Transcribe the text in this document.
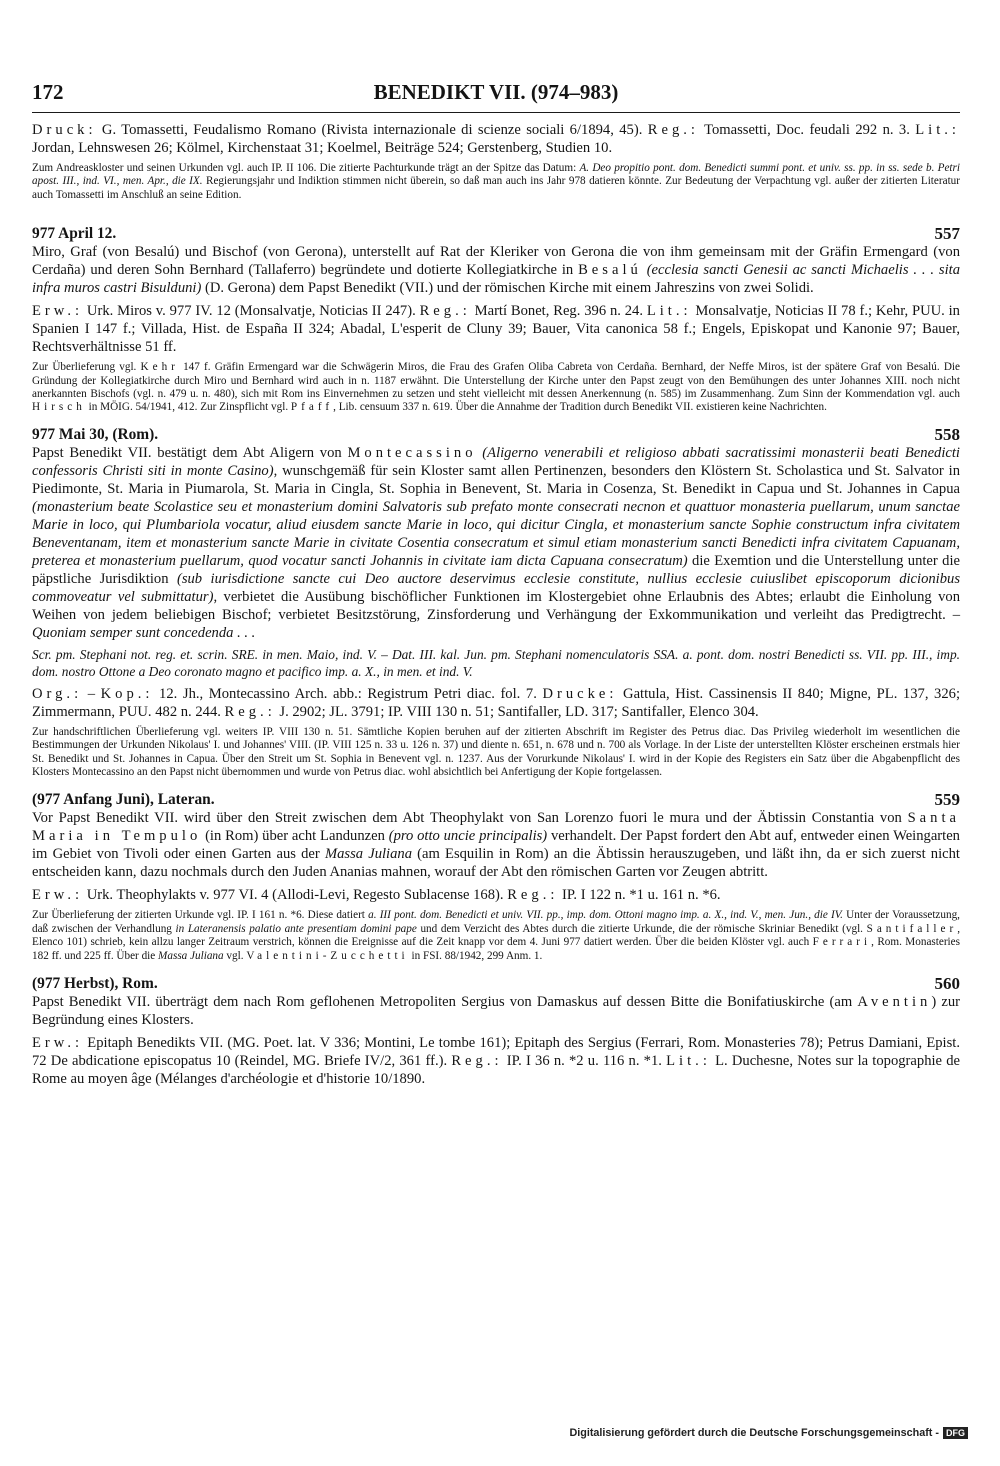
172	BENEDIKT VII. (974–983)

Druck: G. Tomassetti, Feudalismo Romano (Rivista internazionale di scienze sociali 6/1894, 45). Reg.: Tomassetti, Doc. feudali 292 n. 3. Lit.: Jordan, Lehnswesen 26; Kölmel, Kirchenstaat 31; Koelmel, Beiträge 524; Gerstenberg, Studien 10.

Zum Andreaskloster und seinen Urkunden vgl. auch IP. II 106. Die zitierte Pachturkunde trägt an der Spitze das Datum: A. Deo propitio pont. dom. Benedicti summi pont. et univ. ss. pp. in ss. sede b. Petri apost. III., ind. VI., men. Apr., die IX. Regierungsjahr und Indiktion stimmen nicht überein, so daß man auch ins Jahr 978 datieren könnte. Zur Bedeutung der Verpachtung vgl. außer der zitierten Literatur auch Tomassetti im Anschluß an seine Edition.

977 April 12.	557

Miro, Graf (von Besalú) und Bischof (von Gerona), unterstellt auf Rat der Kleriker von Gerona die von ihm gemeinsam mit der Gräfin Ermengard (von Cerdaña) und deren Sohn Bernhard (Tallaferro) begründete und dotierte Kollegiatkirche in Besalú (ecclesia sancti Genesii ac sancti Michaelis . . . sita infra muros castri Bisulduni) (D. Gerona) dem Papst Benedikt (VII.) und der römischen Kirche mit einem Jahreszins von zwei Solidi.

Erw.: Urk. Miros v. 977 IV. 12 (Monsalvatje, Noticias II 247). Reg.: Martí Bonet, Reg. 396 n. 24. Lit.: Monsalvatje, Noticias II 78 f.; Kehr, PUU. in Spanien I 147 f.; Villada, Hist. de España II 324; Abadal, L'esperit de Cluny 39; Bauer, Vita canonica 58 f.; Engels, Episkopat und Kanonie 97; Bauer, Rechtsverhältnisse 51 ff.

Zur Überlieferung vgl. Kehr 147 f. Gräfin Ermengard war die Schwägerin Miros, die Frau des Grafen Oliba Cabreta von Cerdaña. Bernhard, der Neffe Miros, ist der spätere Graf von Besalú. Die Gründung der Kollegiatkirche durch Miro und Bernhard wird auch in n. 1187 erwähnt. Die Unterstellung der Kirche unter den Papst zeugt von den Bemühungen des unter Johannes XIII. noch nicht anerkannten Bischofs (vgl. n. 479 u. n. 480), sich mit Rom ins Einvernehmen zu setzen und steht vielleicht mit dessen Anerkennung (n. 585) im Zusammenhang. Zum Sinn der Kommendation vgl. auch Hirsch in MÖIG. 54/1941, 412. Zur Zinspflicht vgl. Pfaff, Lib. censuum 337 n. 619. Über die Annahme der Tradition durch Benedikt VII. existieren keine Nachrichten.

977 Mai 30, (Rom).	558

Papst Benedikt VII. bestätigt dem Abt Aligern von Montecassino (Aligerno venerabili et religioso abbati sacratissimi monasterii beati Benedicti confessoris Christi siti in monte Casino), wunschgemäß für sein Kloster samt allen Pertinenzen, besonders den Klöstern St. Scholastica und St. Salvator in Piedimonte, St. Maria in Piumarola, St. Maria in Cingla, St. Sophia in Benevent, St. Maria in Cosenza, St. Benedikt in Capua und St. Johannes in Capua (monasterium beate Scolastice seu et monasterium domini Salvatoris sub prefato monte consecrati necnon et quattuor monasteria puellarum, unum sanctae Marie in loco, qui Plumbariola vocatur, aliud eiusdem sancte Marie in loco, qui dicitur Cingla, et monasterium sancte Sophie constructum infra civitatem Beneventanam, item et monasterium sancte Marie in civitate Cosentia consecratum et simul etiam monasterium sancti Benedicti infra civitatem Capuanam, preterea et monasterium puellarum, quod vocatur sancti Johannis in civitate iam dicta Capuana consecratum) die Exemtion und die Unterstellung unter die päpstliche Jurisdiktion (sub iurisdictione sancte cui Deo auctore deservimus ecclesie constitute, nullius ecclesie cuiuslibet episcoporum dicionibus commoveatur vel submittatur), verbietet die Ausübung bischöflicher Funktionen im Klostergebiet ohne Erlaubnis des Abtes; erlaubt die Einholung von Weihen von jedem beliebigen Bischof; verbietet Besitzstörung, Zinsforderung und Verhängung der Exkommunikation und verleiht das Predigtrecht. – Quoniam semper sunt concedenda . . .

Scr. pm. Stephani not. reg. et. scrin. SRE. in men. Maio, ind. V. – Dat. III. kal. Jun. pm. Stephani nomenculatoris SSA. a. pont. dom. nostri Benedicti ss. VII. pp. III., imp. dom. nostro Ottone a Deo coronato magno et pacifico imp. a. X., in men. et ind. V.

Org.: – Kop.: 12. Jh., Montecassino Arch. abb.: Registrum Petri diac. fol. 7. Drucke: Gattula, Hist. Cassinensis II 840; Migne, PL. 137, 326; Zimmermann, PUU. 482 n. 244. Reg.: J. 2902; JL. 3791; IP. VIII 130 n. 51; Santifaller, LD. 317; Santifaller, Elenco 304.

Zur handschriftlichen Überlieferung vgl. weiters IP. VIII 130 n. 51. Sämtliche Kopien beruhen auf der zitierten Abschrift im Register des Petrus diac. Das Privileg wiederholt im wesentlichen die Bestimmungen der Urkunden Nikolaus' I. und Johannes' VIII. (IP. VIII 125 n. 33 u. 126 n. 37) und diente n. 651, n. 678 und n. 700 als Vorlage. In der Liste der unterstellten Klöster erscheinen erstmals hier St. Benedikt und St. Johannes in Capua. Über den Streit um St. Sophia in Benevent vgl. n. 1237. Aus der Vorurkunde Nikolaus' I. wird in der Kopie des Registers ein Satz über die Abgabenpflicht des Klosters Montecassino an den Papst nicht übernommen und wurde von Petrus diac. wohl absichtlich bei Anfertigung der Kopie fortgelassen.

(977 Anfang Juni), Lateran.	559

Vor Papst Benedikt VII. wird über den Streit zwischen dem Abt Theophylakt von San Lorenzo fuori le mura und der Äbtissin Constantia von Santa Maria in Tempulo (in Rom) über acht Landunzen (pro otto uncie principalis) verhandelt. Der Papst fordert den Abt auf, entweder einen Weingarten im Gebiet von Tivoli oder einen Garten aus der Massa Juliana (am Esquilin in Rom) an die Äbtissin herauszugeben, und läßt ihn, da er sich zuerst nicht entscheiden kann, dazu nochmals durch den Juden Ananias mahnen, worauf der Abt den römischen Garten vor Zeugen abtritt.

Erw.: Urk. Theophylakts v. 977 VI. 4 (Allodi-Levi, Regesto Sublacense 168). Reg.: IP. I 122 n. *1 u. 161 n. *6.

Zur Überlieferung der zitierten Urkunde vgl. IP. I 161 n. *6. Diese datiert a. III pont. dom. Benedicti et univ. VII. pp., imp. dom. Ottoni magno imp. a. X., ind. V., men. Jun., die IV. Unter der Voraussetzung, daß zwischen der Verhandlung in Lateranensis palatio ante presentiam domini pape und dem Verzicht des Abtes durch die zitierte Urkunde, die der römische Skriniar Benedikt (vgl. Santifaller, Elenco 101) schrieb, kein allzu langer Zeitraum verstrich, können die Ereignisse auf die Zeit knapp vor dem 4. Juni 977 datiert werden. Über die beiden Klöster vgl. auch Ferrari, Rom. Monasteries 182 ff. und 225 ff. Über die Massa Juliana vgl. Valentini-Zucchetti in FSI. 88/1942, 299 Anm. 1.

(977 Herbst), Rom.	560

Papst Benedikt VII. überträgt dem nach Rom geflohenen Metropoliten Sergius von Damaskus auf dessen Bitte die Bonifatiuskirche (am Aventin) zur Begründung eines Klosters.

Erw.: Epitaph Benedikts VII. (MG. Poet. lat. V 336; Montini, Le tombe 161); Epitaph des Sergius (Ferrari, Rom. Monasteries 78); Petrus Damiani, Epist. 72 De abdicatione episcopatus 10 (Reindel, MG. Briefe IV/2, 361 ff.). Reg.: IP. I 36 n. *2 u. 116 n. *1. Lit.: L. Duchesne, Notes sur la topographie de Rome au moyen âge (Mélanges d'archéologie et d'historie 10/1890.

Digitalisierung gefördert durch die Deutsche Forschungsgemeinschaft - DFG
